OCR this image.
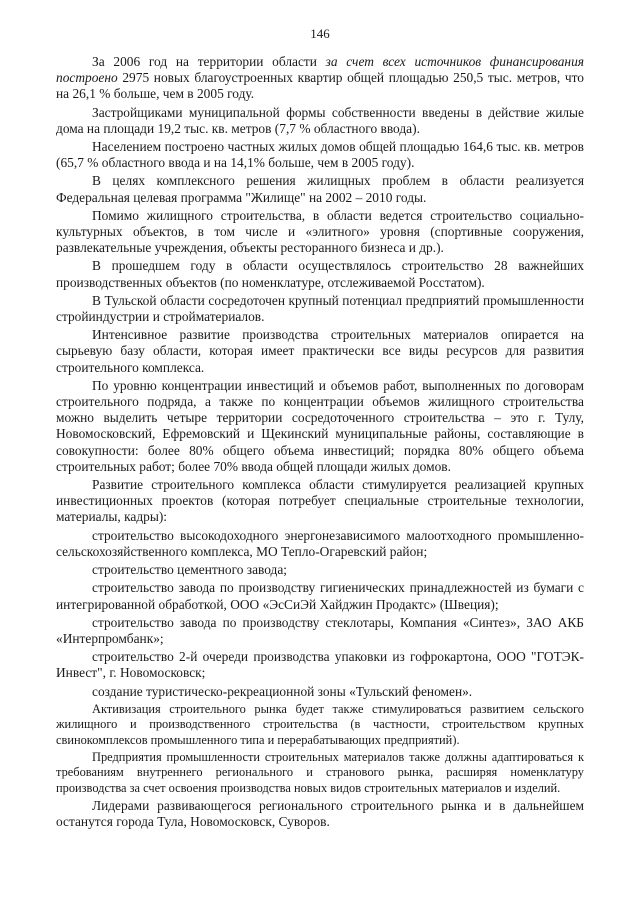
146

За 2006 год на территории области за счет всех источников финансирования построено 2975 новых благоустроенных квартир общей площадью 250,5 тыс. метров, что на 26,1 % больше, чем в 2005 году.

Застройщиками муниципальной формы собственности введены в действие жилые дома на площади 19,2 тыс. кв. метров (7,7 % областного ввода).

Населением построено частных жилых домов общей площадью 164,6 тыс. кв. метров (65,7 % областного ввода и на 14,1% больше, чем в 2005 году).

В целях комплексного решения жилищных проблем в области реализуется Федеральная целевая программа "Жилище" на 2002 – 2010 годы.

Помимо жилищного строительства, в области ведется строительство социально-культурных объектов, в том числе и «элитного» уровня (спортивные сооружения, развлекательные учреждения, объекты ресторанного бизнеса и др.).

В прошедшем году в области осуществлялось строительство 28 важнейших производственных объектов (по номенклатуре, отслеживаемой Росстатом).

В Тульской области сосредоточен крупный потенциал предприятий промышленности стройиндустрии и стройматериалов.

Интенсивное развитие производства строительных материалов опирается на сырьевую базу области, которая имеет практически все виды ресурсов для развития строительного комплекса.

По уровню концентрации инвестиций и объемов работ, выполненных по договорам строительного подряда, а также по концентрации объемов жилищного строительства можно выделить четыре территории сосредоточенного строительства – это г. Тулу, Новомосковский, Ефремовский и Щекинский муниципальные районы, составляющие в совокупности: более 80% общего объема инвестиций; порядка 80% общего объема строительных работ; более 70% ввода общей площади жилых домов.

Развитие строительного комплекса области стимулируется реализацией крупных инвестиционных проектов (которая потребует специальные строительные технологии, материалы, кадры):

строительство высокодоходного энергонезависимого малоотходного промышленно-сельскохозяйственного комплекса, МО Тепло-Огаревский район;

строительство цементного завода;

строительство завода по производству гигиенических принадлежностей из бумаги с интегрированной обработкой, ООО «ЭсСиЭй Хайджин Продактс» (Швеция);

строительство завода по производству стеклотары, Компания «Синтез», ЗАО АКБ «Интерпромбанк»;

строительство 2-й очереди производства упаковки из гофрокартона, ООО "ГОТЭК-Инвест", г. Новомосковск;

создание туристическо-рекреационной зоны «Тульский феномен».

Активизация строительного рынка будет также стимулироваться развитием сельского жилищного и производственного строительства (в частности, строительством крупных свинокомплексов промышленного типа и перерабатывающих предприятий).

Предприятия промышленности строительных материалов также должны адаптироваться к требованиям внутреннего регионального и странового рынка, расширяя номенклатуру производства за счет освоения производства новых видов строительных материалов и изделий.

Лидерами развивающегося регионального строительного рынка и в дальнейшем останутся города Тула, Новомосковск, Суворов.
